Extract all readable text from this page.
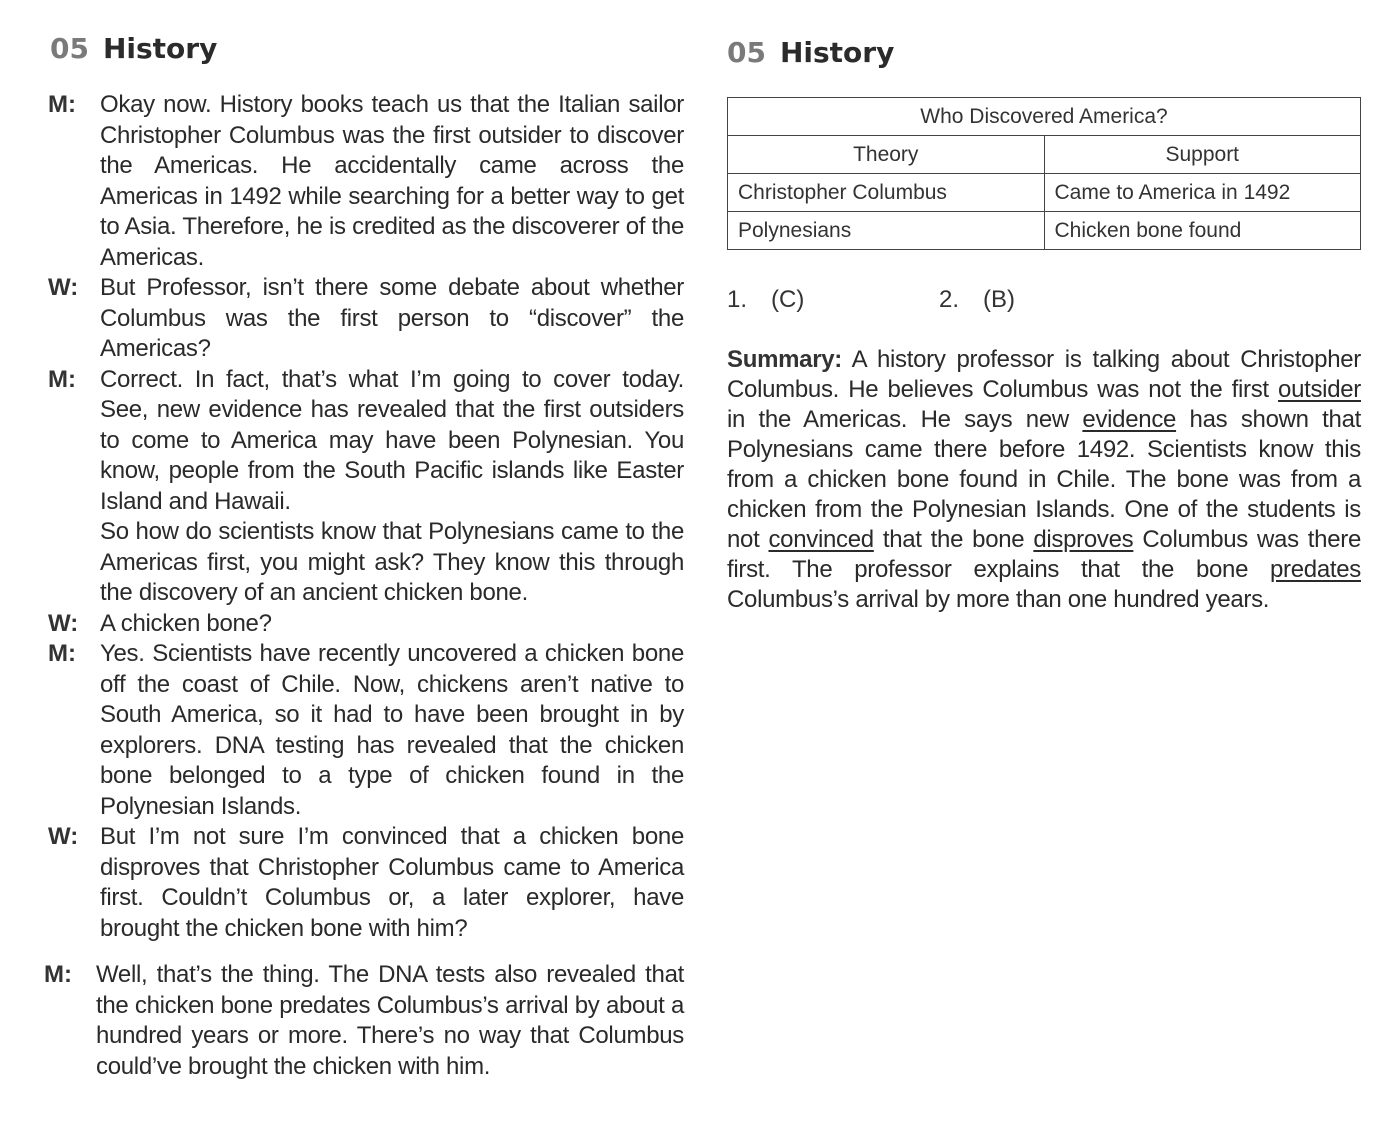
05 History
M:	Okay now. History books teach us that the Italian sailor Christopher Columbus was the first outsider to discover the Americas. He accidentally came across the Americas in 1492 while searching for a better way to get to Asia. Therefore, he is credited as the discoverer of the Americas.

W: But Professor, isn’t there some debate about whether Columbus was the first person to “discover” the Americas?

M:	Correct. In fact, that’s what I’m going to cover today. See, new evidence has revealed that the first outsiders to come to America may have been Polynesian. You know, people from the South Pacific islands like Easter Island and Hawaii.

So how do scientists know that Polynesians came to the Americas first, you might ask? They know this through the discovery of an ancient chicken bone.

W: A chicken bone?

M:	Yes. Scientists have recently uncovered a chicken bone off the coast of Chile. Now, chickens aren’t native to South America, so it had to have been brought in by explorers. DNA testing has revealed that the chicken bone belonged to a type of chicken found in the Polynesian Islands.

W: But I’m not sure I’m convinced that a chicken bone disproves that Christopher Columbus came to America first. Couldn’t Columbus or, a later explorer, have brought the chicken bone with him?

M:	Well, that’s the thing. The DNA tests also revealed that the chicken bone predates Columbus’s arrival by about a hundred years or more. There’s no way that Columbus could’ve brought the chicken with him.

05 History
Who Discovered America?	
Theory	Support
Christopher Columbus	Came to America in 1492
Polynesians	Chicken bone found
1. (C)	2. (B)

Summary: A history professor is talking about Christopher Columbus. He believes Columbus was not the first outsider in the Americas. He says new evidence has shown that Polynesians came there before 1492. Scientists know this from a chicken bone found in Chile. The bone was from a chicken from the Polynesian Islands. One of the students is not convinced that the bone disproves Columbus was there first. The professor explains that the bone predates Columbus’s arrival by more than one hundred years.
